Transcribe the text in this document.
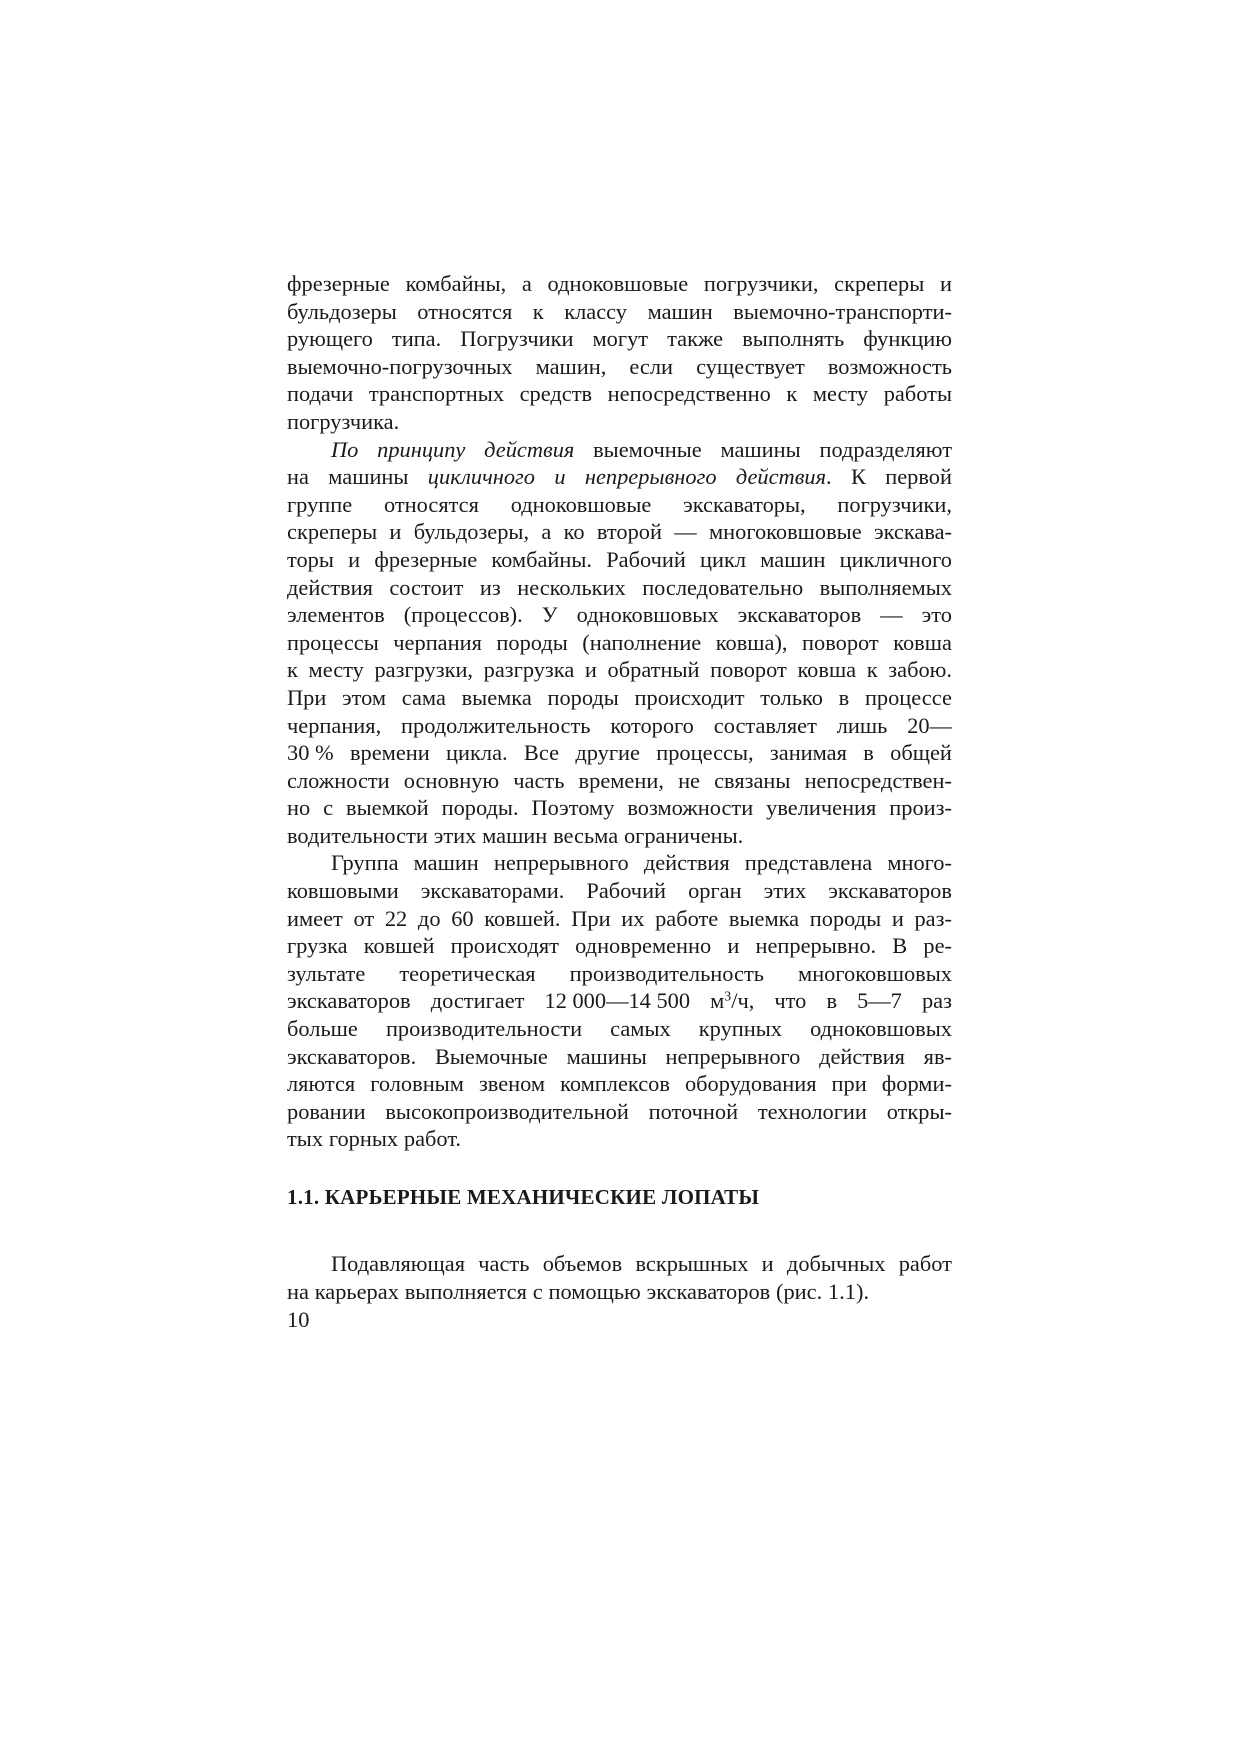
фрезерные комбайны, а одноковшовые погрузчики, скреперы и
бульдозеры относятся к классу машин выемочно-транспорти-
рующего типа. Погрузчики могут также выполнять функцию
выемочно-погрузочных машин, если существует возможность
подачи транспортных средств непосредственно к месту работы
погрузчика.
По принципу действия выемочные машины подразделяют
на машины цикличного и непрерывного действия. К первой
группе относятся одноковшовые экскаваторы, погрузчики,
скреперы и бульдозеры, а ко второй — многоковшовые экскава-
торы и фрезерные комбайны. Рабочий цикл машин цикличного
действия состоит из нескольких последовательно выполняемых
элементов (процессов). У одноковшовых экскаваторов — это
процессы черпания породы (наполнение ковша), поворот ковша
к месту разгрузки, разгрузка и обратный поворот ковша к забою.
При этом сама выемка породы происходит только в процессе
черпания, продолжительность которого составляет лишь 20—
30 % времени цикла. Все другие процессы, занимая в общей
сложности основную часть времени, не связаны непосредствен-
но с выемкой породы. Поэтому возможности увеличения произ-
водительности этих машин весьма ограничены.
Группа машин непрерывного действия представлена много-
ковшовыми экскаваторами. Рабочий орган этих экскаваторов
имеет от 22 до 60 ковшей. При их работе выемка породы и раз-
грузка ковшей происходят одновременно и непрерывно. В ре-
зультате теоретическая производительность многоковшовых
экскаваторов достигает 12 000—14 500 $м^3/ч$, что в 5—7 раз
больше производительности самых крупных одноковшовых
экскаваторов. Выемочные машины непрерывного действия яв-
ляются головным звеном комплексов оборудования при форми-
ровании высокопроизводительной поточной технологии откры-
тых горных работ.
1.1. КАРЬЕРНЫЕ МЕХАНИЧЕСКИЕ ЛОПАТЫ
Подавляющая часть объемов вскрышных и добычных работ
на карьерах выполняется с помощью экскаваторов (рис. 1.1).
10
